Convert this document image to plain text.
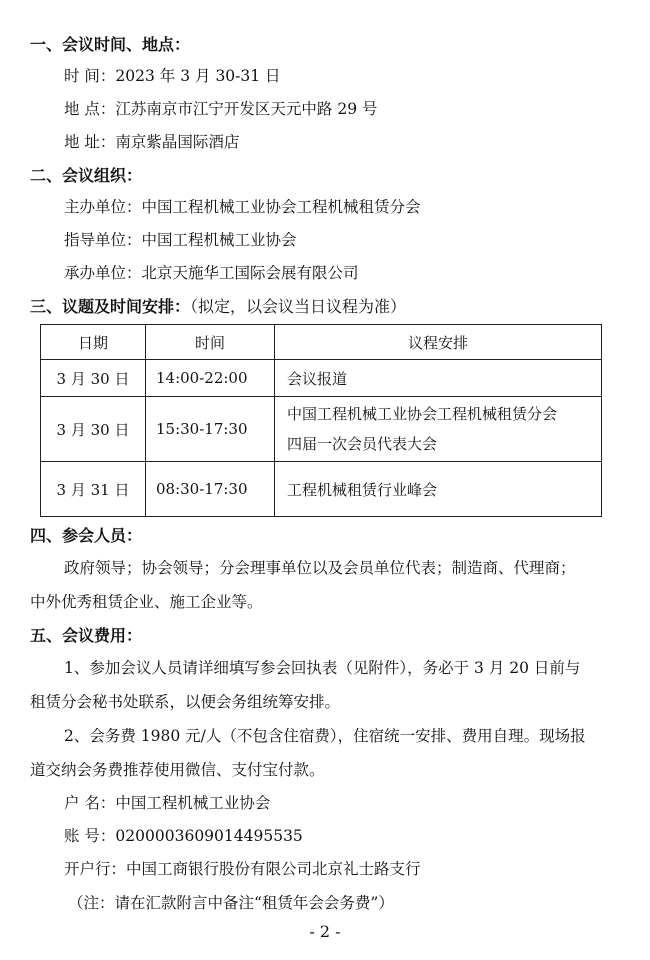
一、会议时间、地点：
时 间：2023 年 3 月 30-31 日
地 点：江苏南京市江宁开发区天元中路 29 号
地 址：南京紫晶国际酒店
二、会议组织：
主办单位：中国工程机械工业协会工程机械租赁分会
指导单位：中国工程机械工业协会
承办单位：北京天施华工国际会展有限公司
三、议题及时间安排：（拟定，以会议当日议程为准）
日期	时间	议程安排
3 月 30 日	14:00-22:00	会议报道
3 月 30 日	15:30-17:30	中国工程机械工业协会工程机械租赁分会
四届一次会员代表大会
3 月 31 日	08:30-17:30	工程机械租赁行业峰会
四、参会人员：

政府领导；协会领导；分会理事单位以及会员单位代表；制造商、代理商；
中外优秀租赁企业、施工企业等。

五、会议费用：

1、参加会议人员请详细填写参会回执表（见附件），务必于 3 月 20 日前与
租赁分会秘书处联系，以便会务组统筹安排。

2、会务费 1980 元/人（不包含住宿费），住宿统一安排、费用自理。现场报
道交纳会务费推荐使用微信、支付宝付款。

户 名：中国工程机械工业协会
账 号：0200003609014495535
开户行：中国工商银行股份有限公司北京礼士路支行
（注：请在汇款附言中备注“租赁年会会务费”）
- 2 -
